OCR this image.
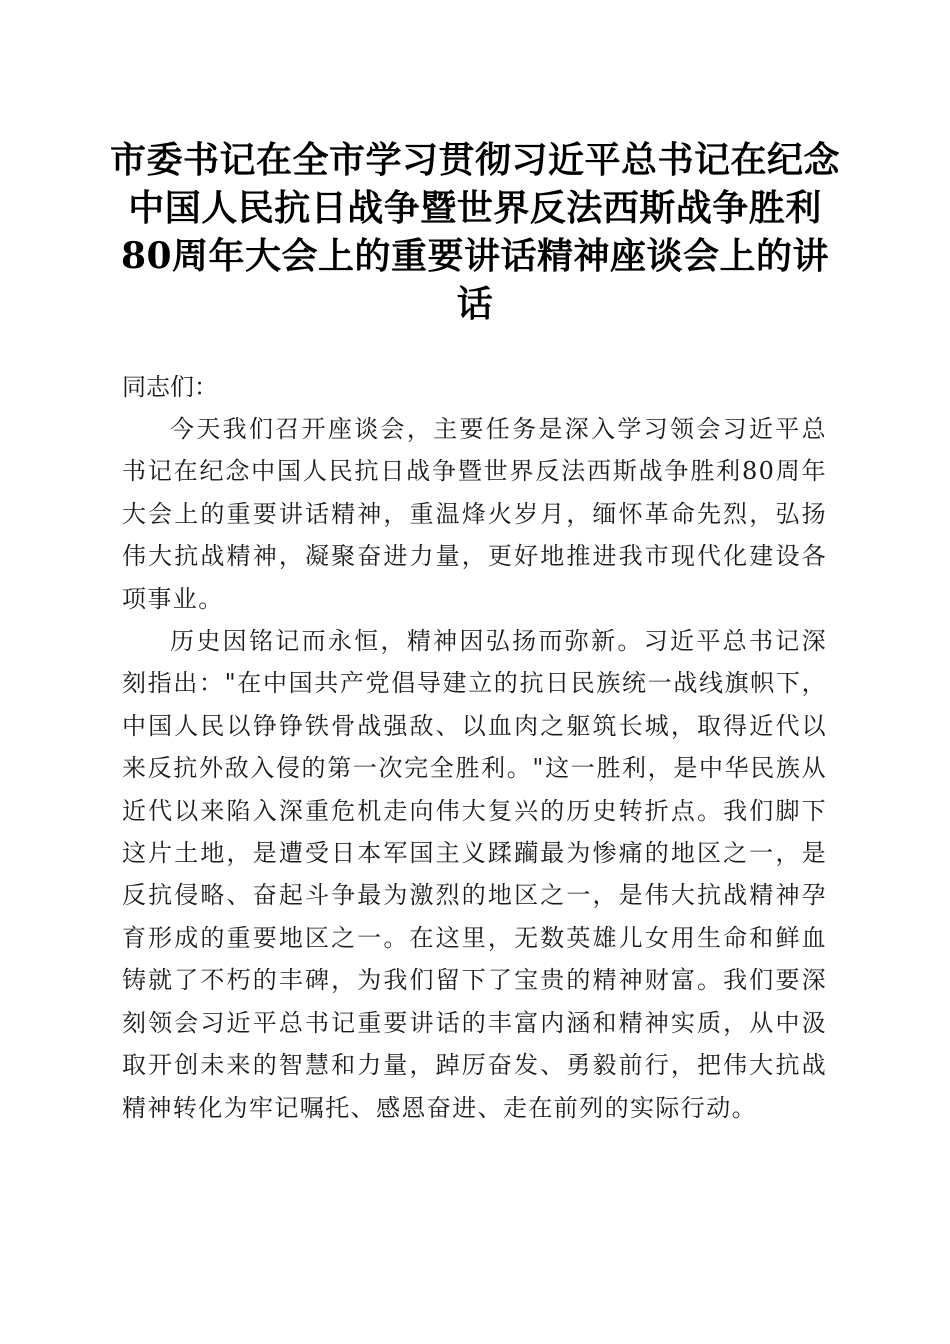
市委书记在全市学习贯彻习近平总书记在纪念中国人民抗日战争暨世界反法西斯战争胜利80周年大会上的重要讲话精神座谈会上的讲话

同志们：

今天我们召开座谈会，主要任务是深入学习领会习近平总书记在纪念中国人民抗日战争暨世界反法西斯战争胜利80周年大会上的重要讲话精神，重温烽火岁月，缅怀革命先烈，弘扬伟大抗战精神，凝聚奋进力量，更好地推进我市现代化建设各项事业。

历史因铭记而永恒，精神因弘扬而弥新。习近平总书记深刻指出："在中国共产党倡导建立的抗日民族统一战线旗帜下，中国人民以铮铮铁骨战强敌、以血肉之躯筑长城，取得近代以来反抗外敌入侵的第一次完全胜利。"这一胜利，是中华民族从近代以来陷入深重危机走向伟大复兴的历史转折点。我们脚下这片土地，是遭受日本军国主义蹂躏最为惨痛的地区之一，是反抗侵略、奋起斗争最为激烈的地区之一，是伟大抗战精神孕育形成的重要地区之一。在这里，无数英雄儿女用生命和鲜血铸就了不朽的丰碑，为我们留下了宝贵的精神财富。我们要深刻领会习近平总书记重要讲话的丰富内涵和精神实质，从中汲取开创未来的智慧和力量，踔厉奋发、勇毅前行，把伟大抗战精神转化为牢记嘱托、感恩奋进、走在前列的实际行动。
